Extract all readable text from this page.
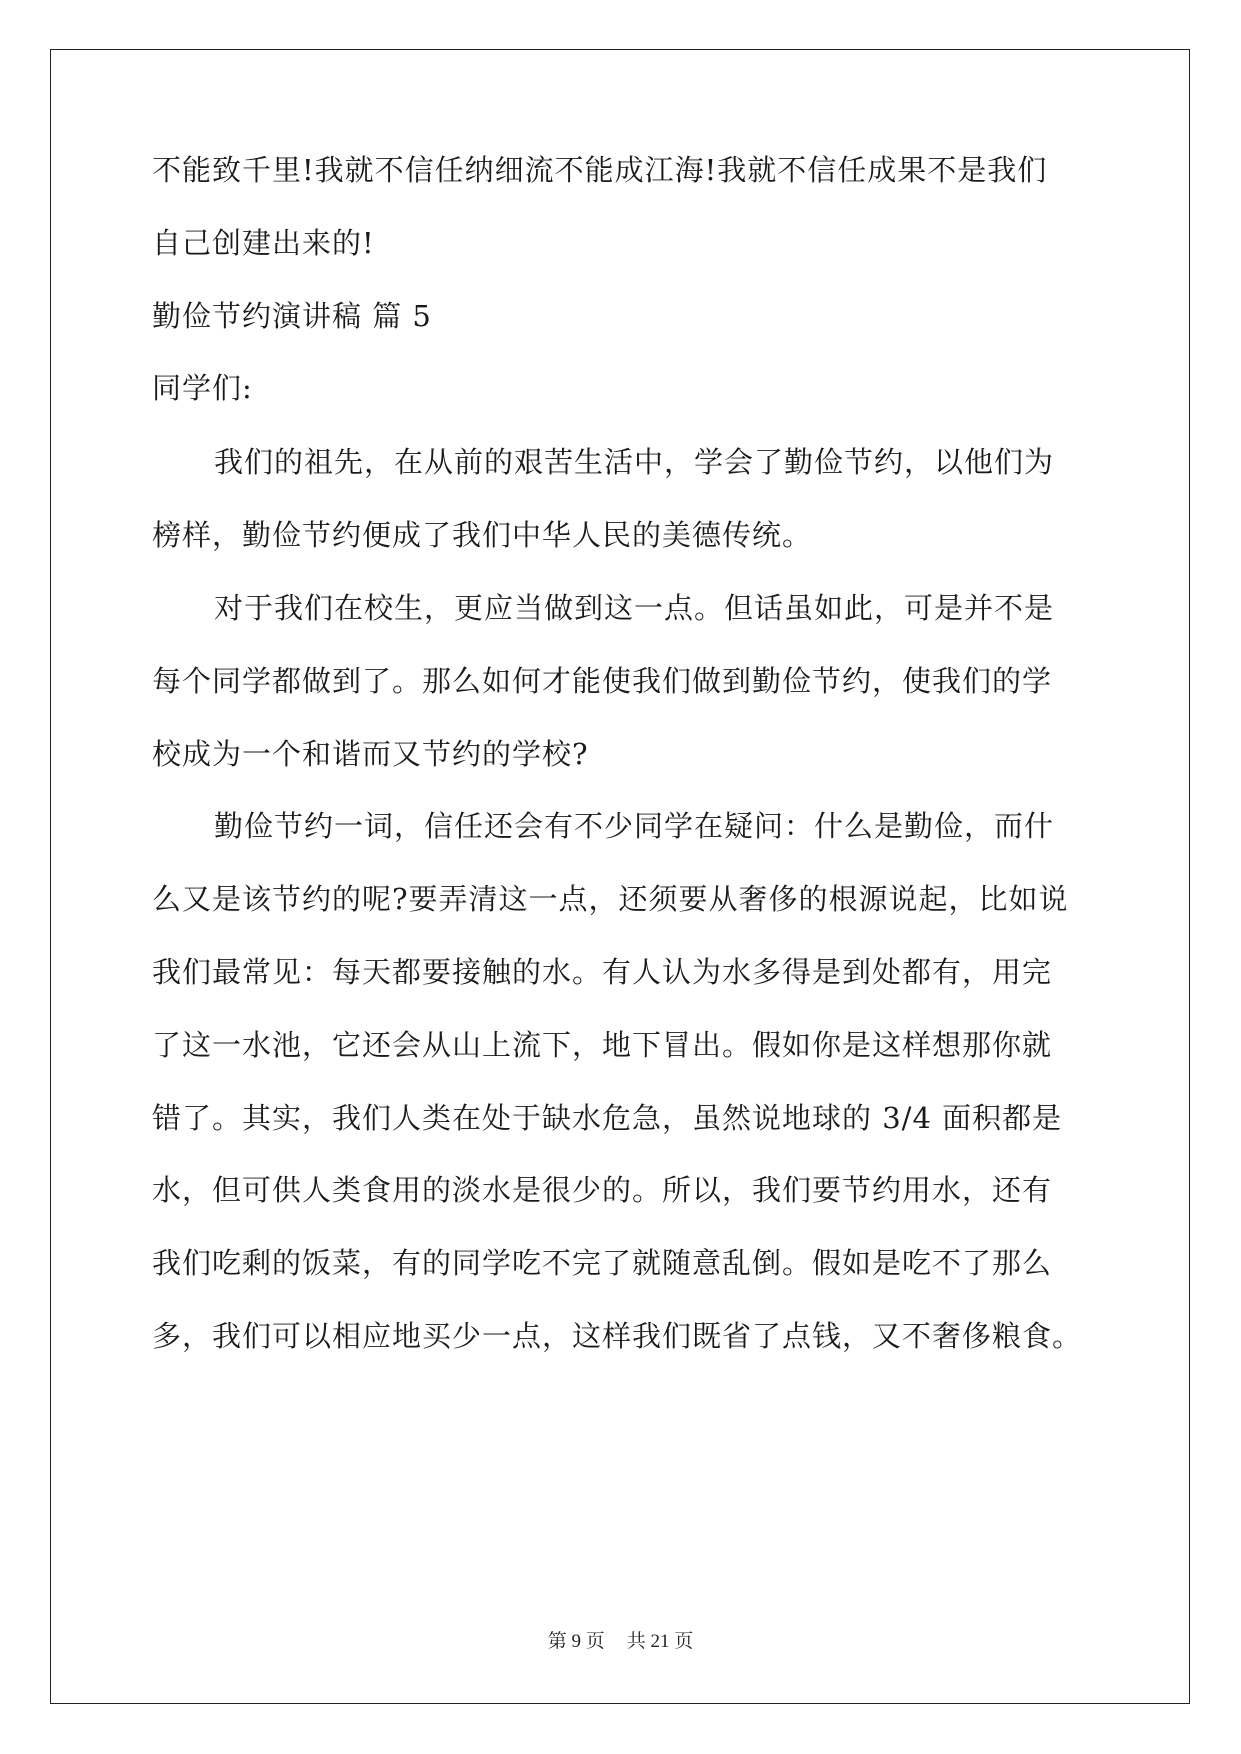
不能致千里!我就不信任纳细流不能成江海!我就不信任成果不是我们
自己创建出来的!
勤俭节约演讲稿 篇 5
同学们:
我们的祖先，在从前的艰苦生活中，学会了勤俭节约，以他们为
榜样，勤俭节约便成了我们中华人民的美德传统。
对于我们在校生，更应当做到这一点。但话虽如此，可是并不是
每个同学都做到了。那么如何才能使我们做到勤俭节约，使我们的学
校成为一个和谐而又节约的学校?
勤俭节约一词，信任还会有不少同学在疑问：什么是勤俭，而什
么又是该节约的呢?要弄清这一点，还须要从奢侈的根源说起，比如说
我们最常见：每天都要接触的水。有人认为水多得是到处都有，用完
了这一水池，它还会从山上流下，地下冒出。假如你是这样想那你就
错了。其实，我们人类在处于缺水危急，虽然说地球的 3/4 面积都是
水，但可供人类食用的淡水是很少的。所以，我们要节约用水，还有
我们吃剩的饭菜，有的同学吃不完了就随意乱倒。假如是吃不了那么
多，我们可以相应地买少一点，这样我们既省了点钱，又不奢侈粮食。
第 9 页 共 21 页
